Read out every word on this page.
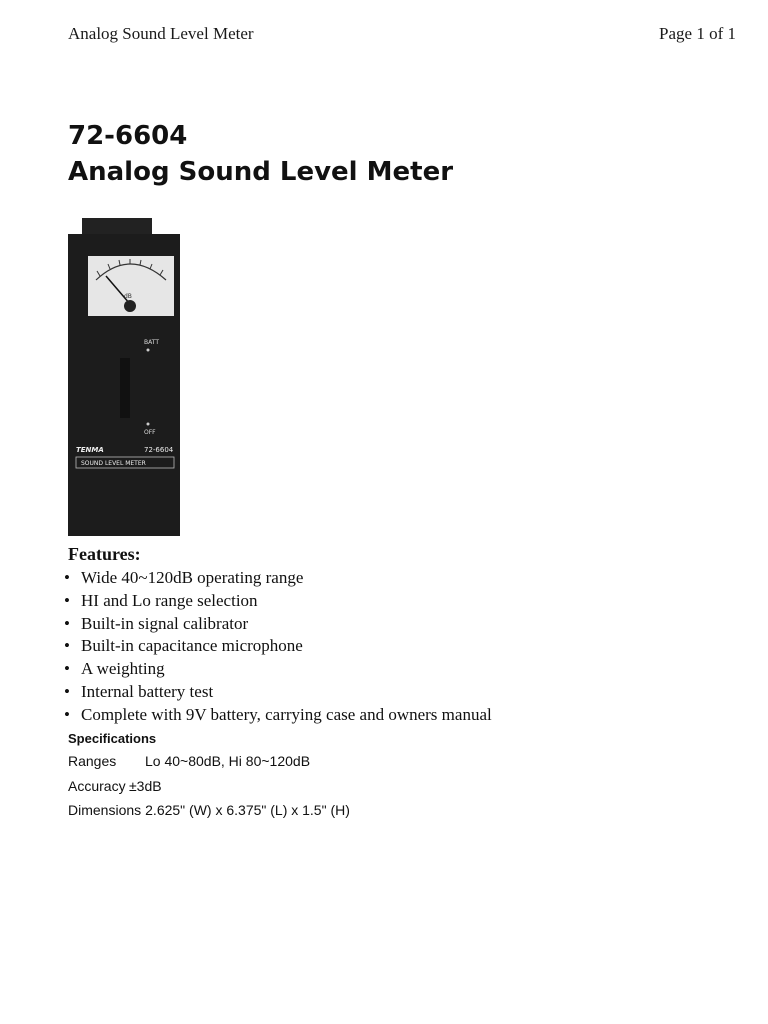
Analog Sound Level Meter	Page 1 of 1
72-6604
Analog Sound Level Meter
dB
BATT
OFF
TENMA	72-6604
SOUND LEVEL METER
Features:
• Wide 40~120dB operating range
• HI and Lo range selection
• Built-in signal calibrator
• Built-in capacitance microphone
• A weighting
• Internal battery test
• Complete with 9V battery, carrying case and owners manual
Specifications
Ranges Lo 40~80dB, Hi 80~120dB
Accuracy ±3dB
Dimensions 2.625" (W) x 6.375" (L) x 1.5" (H)
